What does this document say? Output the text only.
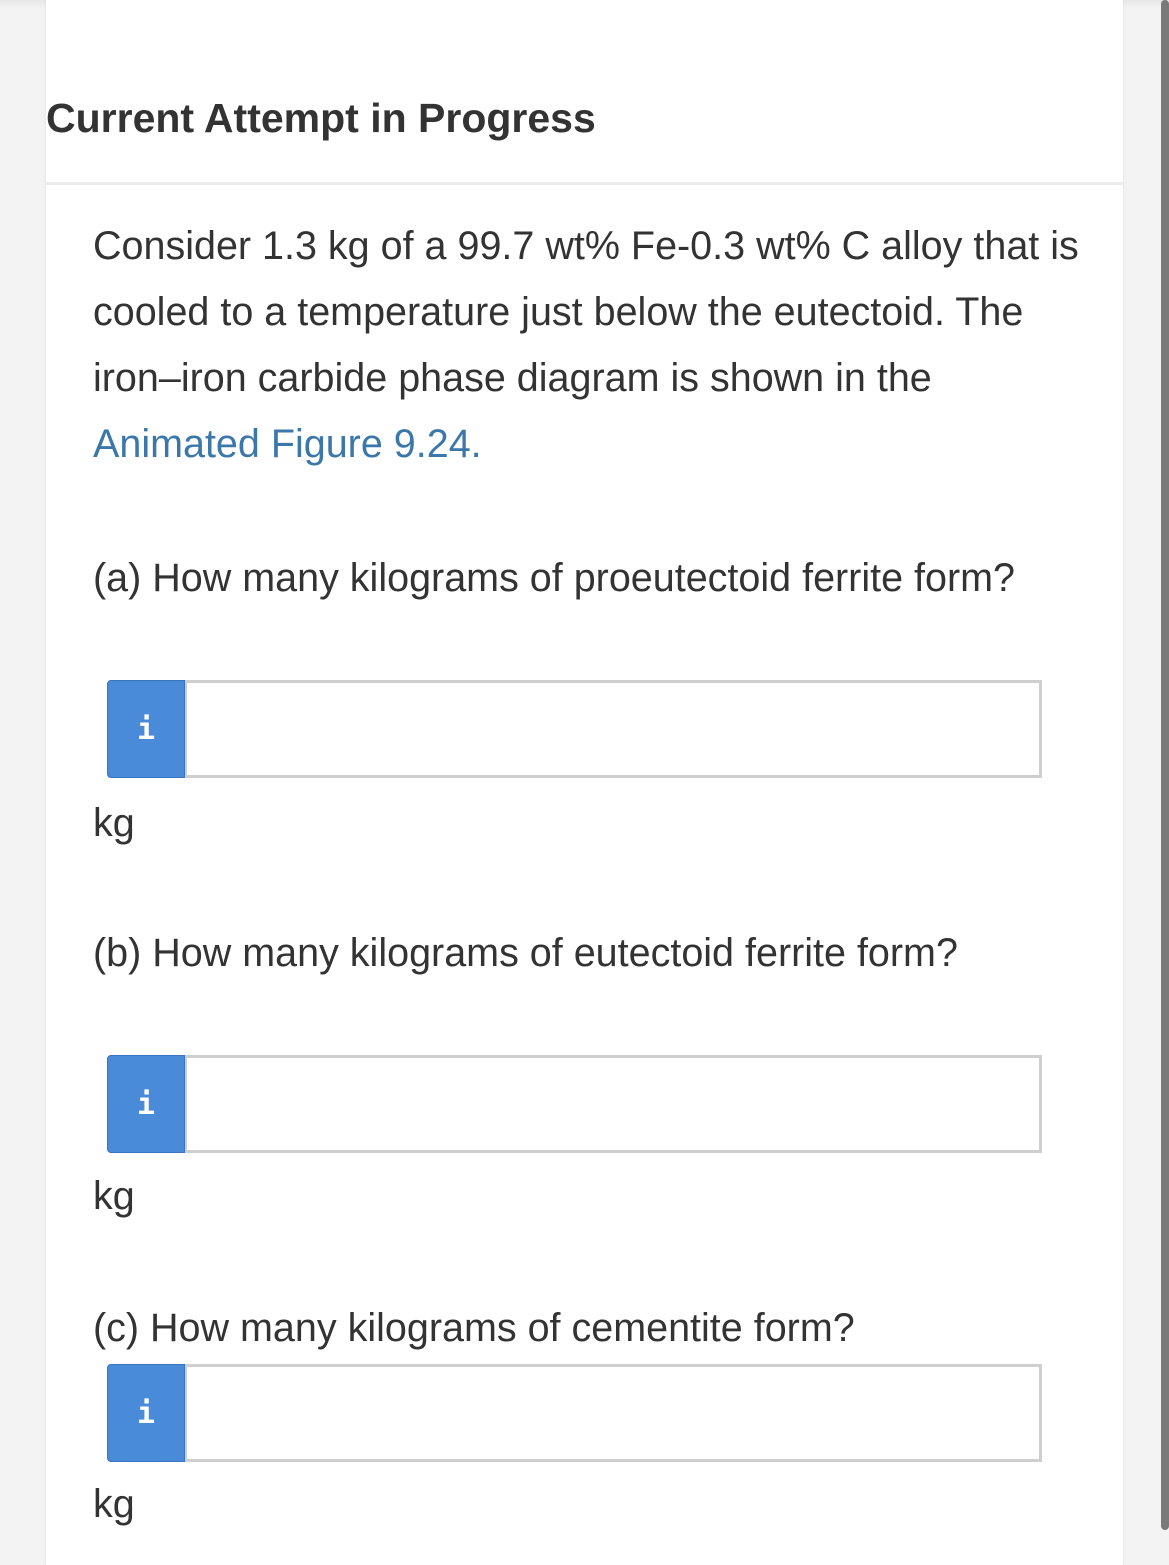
Current Attempt in Progress

Consider 1.3 kg of a 99.7 wt% Fe-0.3 wt% C alloy that is cooled to a temperature just below the eutectoid. The iron–iron carbide phase diagram is shown in the Animated Figure 9.24.

(a) How many kilograms of proeutectoid ferrite form?

i

kg

(b) How many kilograms of eutectoid ferrite form?

i

kg

(c) How many kilograms of cementite form?

i

kg
